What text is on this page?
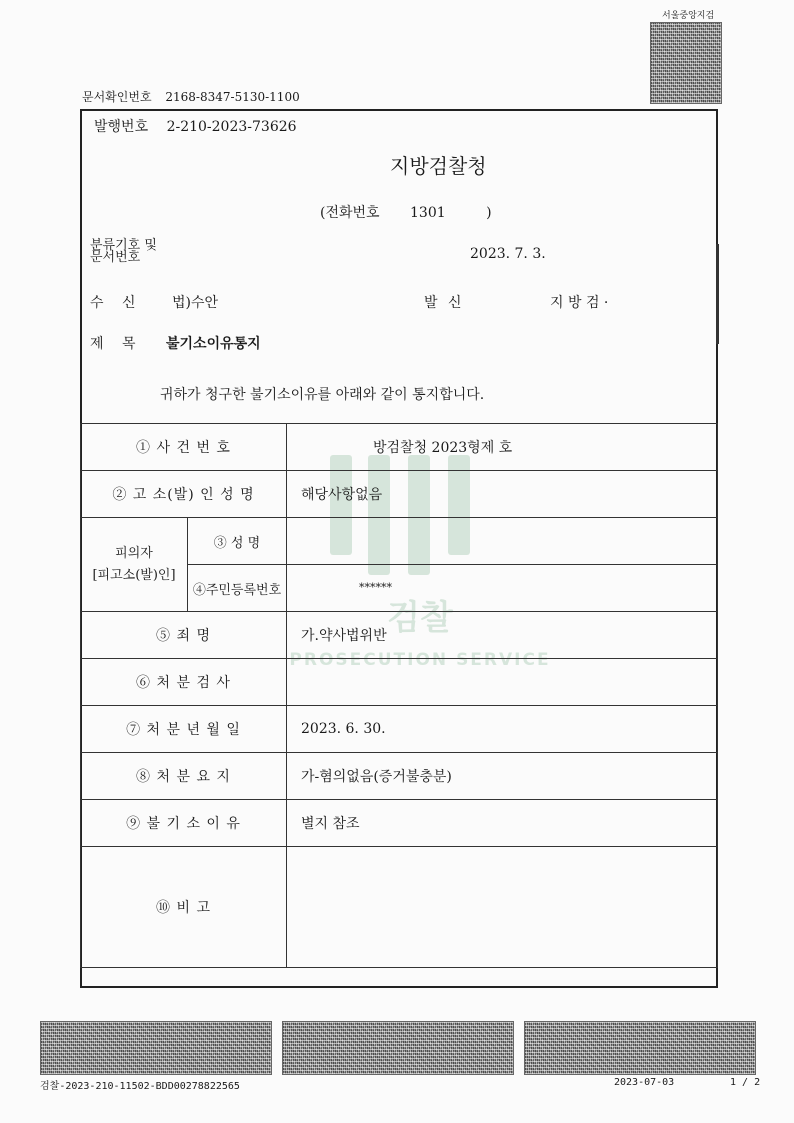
서울중앙지검
문서확인번호 2168-8347-5130-1100
발행번호 2-210-2023-73626
지방검찰청
(전화번호 1301	)
분류기호 및
문서번호	2023. 7. 3.
수 신	법)수안	발 신	지 방 검 ·
제 목 불기소이유통지
귀하가 청구한 불기소이유를 아래와 같이 통지합니다.
검찰
PROSECUTION SERVICE
① 사 건 번 호		방검찰청 2023형제 호
② 고 소(발) 인 성 명		해당사항없음

피의자
[피고소(발)인]	③ 성 명	
	④주민등록번호	******
⑤ 죄 명		가.약사법위반
⑥ 처 분 검 사		
⑦ 처 분 년 월 일		2023. 6. 30.
⑧ 처 분 요 지		가-혐의없음(증거불충분)
⑨ 불 기 소 이 유		별지 참조
⑩ 비 고		
검찰-2023-210-11502-BDD00278822565	2023-07-03	1 / 2
